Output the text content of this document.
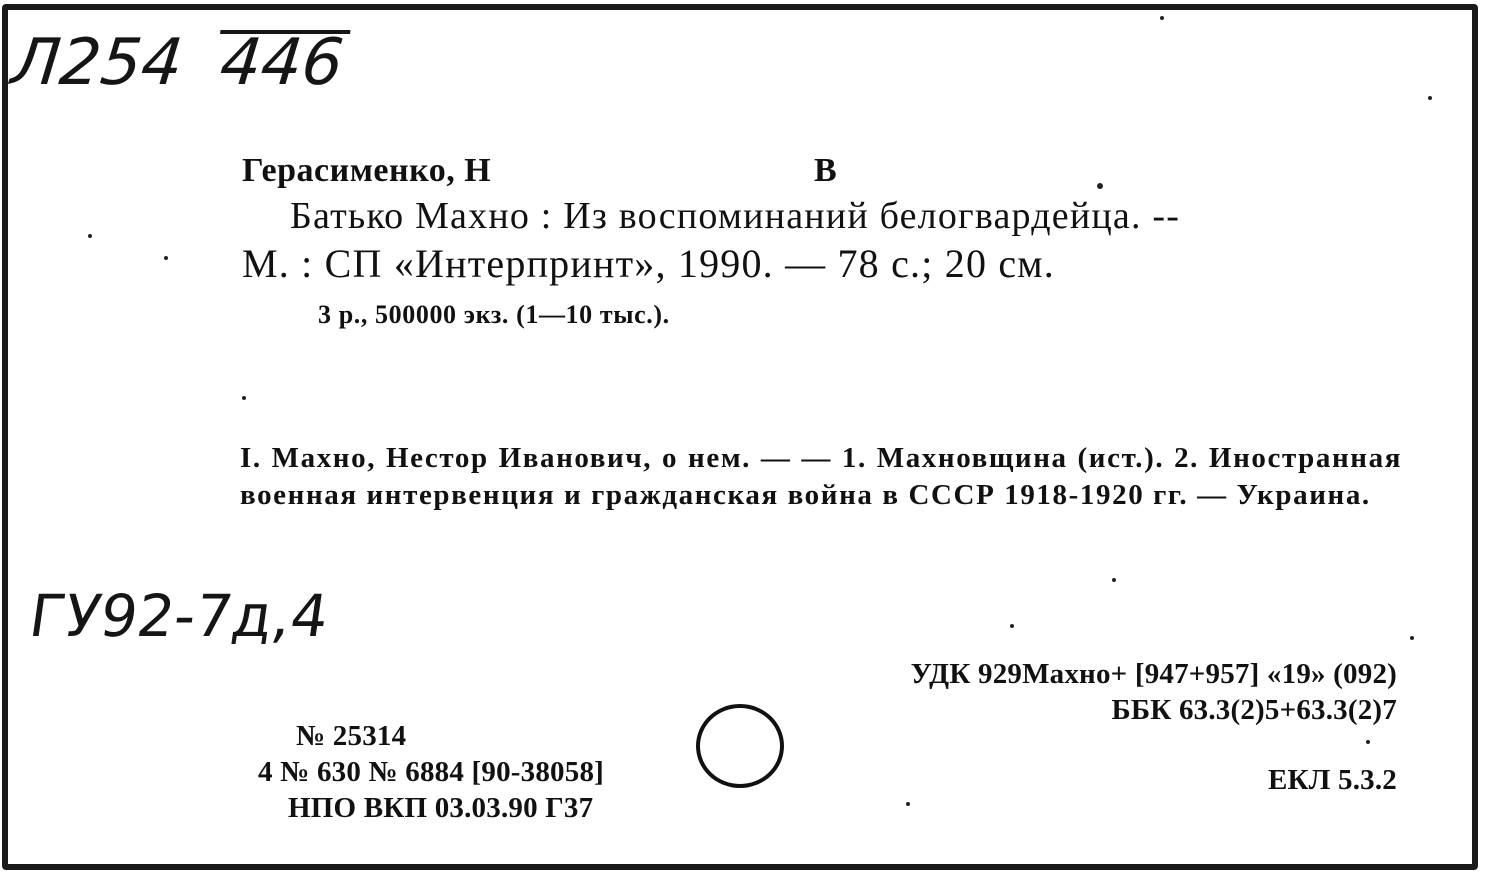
Л254 446
Герасименко, Н	В
Батько Махно : Из воспоминаний белогвардейца. --
М. : СП «Интерпринт», 1990. — 78 с.; 20 см.
3 р., 500000 экз. (1—10 тыс.).
I. Махно, Нестор Иванович, о нем. — — 1. Махновщина (ист.). 2. Иностранная военная интервенция и гражданская война в СССР 1918-1920 гг. — Украина.
ГУ92-7д,4
УДК 929Махно+ [947+957] «19» (092)
ББК 63.3(2)5+63.3(2)7
ЕКЛ 5.3.2
№ 25314
4 № 630 № 6884 [90-38058]
НПО ВКП 03.03.90 Г37
